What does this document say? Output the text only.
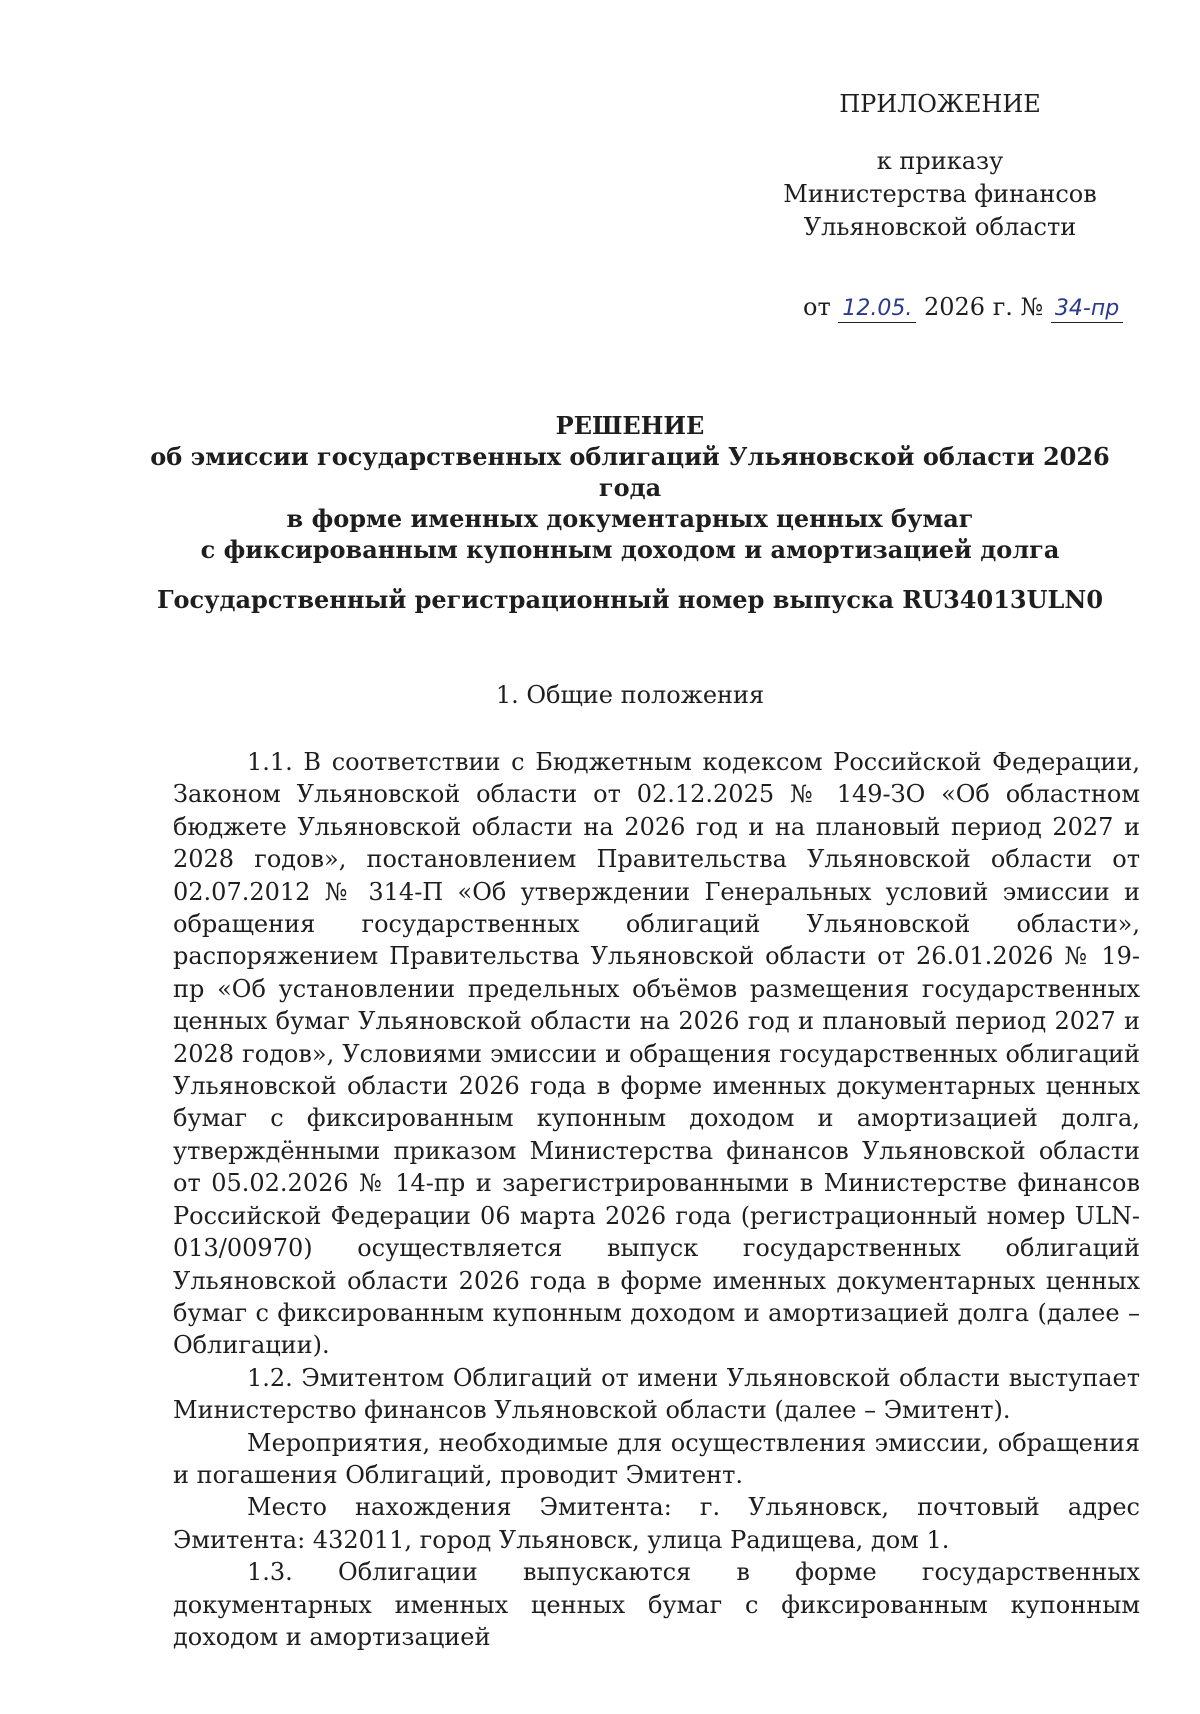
ПРИЛОЖЕНИЕ
к приказу
Министерства финансов
Ульяновской области
от 12.05. 2026 г. № 34-пр
РЕШЕНИЕ
об эмиссии государственных облигаций Ульяновской области 2026 года
в форме именных документарных ценных бумаг
с фиксированным купонным доходом и амортизацией долга
Государственный регистрационный номер выпуска RU34013ULN0
1. Общие положения

1.1. В соответствии с Бюджетным кодексом Российской Федерации, Законом Ульяновской области от 02.12.2025 № 149-ЗО «Об областном бюджете Ульяновской области на 2026 год и на плановый период 2027 и 2028 годов», постановлением Правительства Ульяновской области от 02.07.2012 № 314-П «Об утверждении Генеральных условий эмиссии и обращения государственных облигаций Ульяновской области», распоряжением Правительства Ульяновской области от 26.01.2026 № 19-пр «Об установлении предельных объёмов размещения государственных ценных бумаг Ульяновской области на 2026 год и плановый период 2027 и 2028 годов», Условиями эмиссии и обращения государственных облигаций Ульяновской области 2026 года в форме именных документарных ценных бумаг с фиксированным купонным доходом и амортизацией долга, утверждёнными приказом Министерства финансов Ульяновской области от 05.02.2026 № 14-пр и зарегистрированными в Министерстве финансов Российской Федерации 06 марта 2026 года (регистрационный номер ULN-013/00970) осуществляется выпуск государственных облигаций Ульяновской области 2026 года в форме именных документарных ценных бумаг с фиксированным купонным доходом и амортизацией долга (далее – Облигации).

1.2. Эмитентом Облигаций от имени Ульяновской области выступает Министерство финансов Ульяновской области (далее – Эмитент).

Мероприятия, необходимые для осуществления эмиссии, обращения и погашения Облигаций, проводит Эмитент.

Место нахождения Эмитента: г. Ульяновск, почтовый адрес Эмитента: 432011, город Ульяновск, улица Радищева, дом 1.

1.3. Облигации выпускаются в форме государственных документарных именных ценных бумаг с фиксированным купонным доходом и амортизацией
